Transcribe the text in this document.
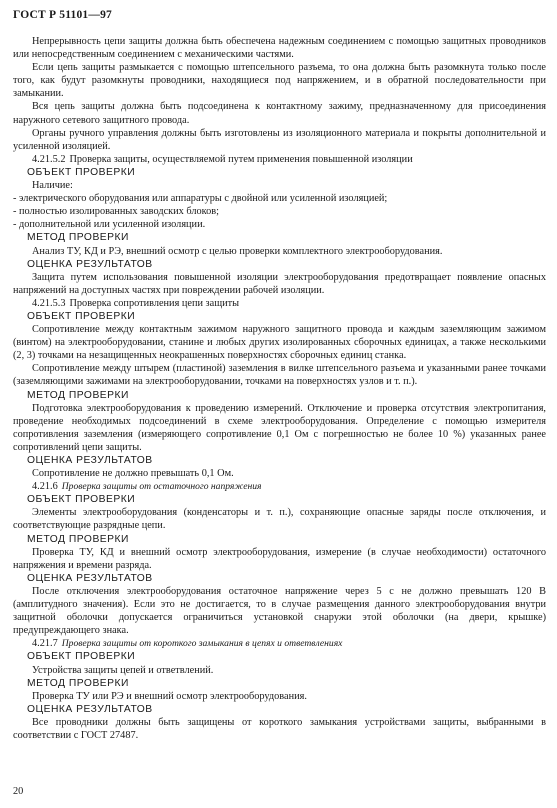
ГОСТ Р 51101—97
Непрерывность цепи защиты должна быть обеспечена надежным соединением с помощью защитных проводников или непосредственным соединением с механическими частями.
Если цепь защиты размыкается с помощью штепсельного разъема, то она должна быть разомкнута только после того, как будут разомкнуты проводники, находящиеся под напряжением, и в обратной последовательности при замыкании.
Вся цепь защиты должна быть подсоединена к контактному зажиму, предназначенному для присоединения наружного сетевого защитного провода.
Органы ручного управления должны быть изготовлены из изоляционного материала и покрыты дополнительной и усиленной изоляцией.
4.21.5.2 Проверка защиты, осуществляемой путем применения повышенной изоляции
ОБЪЕКТ ПРОВЕРКИ
Наличие:
- электрического оборудования или аппаратуры с двойной или усиленной изоляцией;
- полностью изолированных заводских блоков;
- дополнительной или усиленной изоляции.
МЕТОД ПРОВЕРКИ
Анализ ТУ, КД и РЭ, внешний осмотр с целью проверки комплектного электрооборудования.
ОЦЕНКА РЕЗУЛЬТАТОВ
Защита путем использования повышенной изоляции электрооборудования предотвращает появление опасных напряжений на доступных частях при повреждении рабочей изоляции.
4.21.5.3 Проверка сопротивления цепи защиты
ОБЪЕКТ ПРОВЕРКИ
Сопротивление между контактным зажимом наружного защитного провода и каждым заземляющим зажимом (винтом) на электрооборудовании, станине и любых других изолированных сборочных единицах, а также несколькими (2, 3) точками на незащищенных неокрашенных поверхностях сборочных единиц станка.
Сопротивление между штырем (пластиной) заземления в вилке штепсельного разъема и указанными ранее точками (заземляющими зажимами на электрооборудовании, точками на поверхностях узлов и т. п.).
МЕТОД ПРОВЕРКИ
Подготовка электрооборудования к проведению измерений. Отключение и проверка отсутствия электропитания, проведение необходимых подсоединений в схеме электрооборудования. Определение с помощью измерителя сопротивления заземления (измеряющего сопротивление 0,1 Ом с погрешностью не более 10 %) указанных ранее сопротивлений цепи защиты.
ОЦЕНКА РЕЗУЛЬТАТОВ
Сопротивление не должно превышать 0,1 Ом.
4.21.6 Проверка защиты от остаточного напряжения
ОБЪЕКТ ПРОВЕРКИ
Элементы электрооборудования (конденсаторы и т. п.), сохраняющие опасные заряды после отключения, и соответствующие разрядные цепи.
МЕТОД ПРОВЕРКИ
Проверка ТУ, КД и внешний осмотр электрооборудования, измерение (в случае необходимости) остаточного напряжения и времени разряда.
ОЦЕНКА РЕЗУЛЬТАТОВ
После отключения электрооборудования остаточное напряжение через 5 с не должно превышать 120 В (амплитудного значения). Если это не достигается, то в случае размещения данного электрооборудования внутри защитной оболочки допускается ограничиться установкой снаружи этой оболочки (на двери, крышке) предупреждающего знака.
4.21.7 Проверка защиты от короткого замыкания в цепях и ответвлениях
ОБЪЕКТ ПРОВЕРКИ
Устройства защиты цепей и ответвлений.
МЕТОД ПРОВЕРКИ
Проверка ТУ или РЭ и внешний осмотр электрооборудования.
ОЦЕНКА РЕЗУЛЬТАТОВ
Все проводники должны быть защищены от короткого замыкания устройствами защиты, выбранными в соответствии с ГОСТ 27487.
20
